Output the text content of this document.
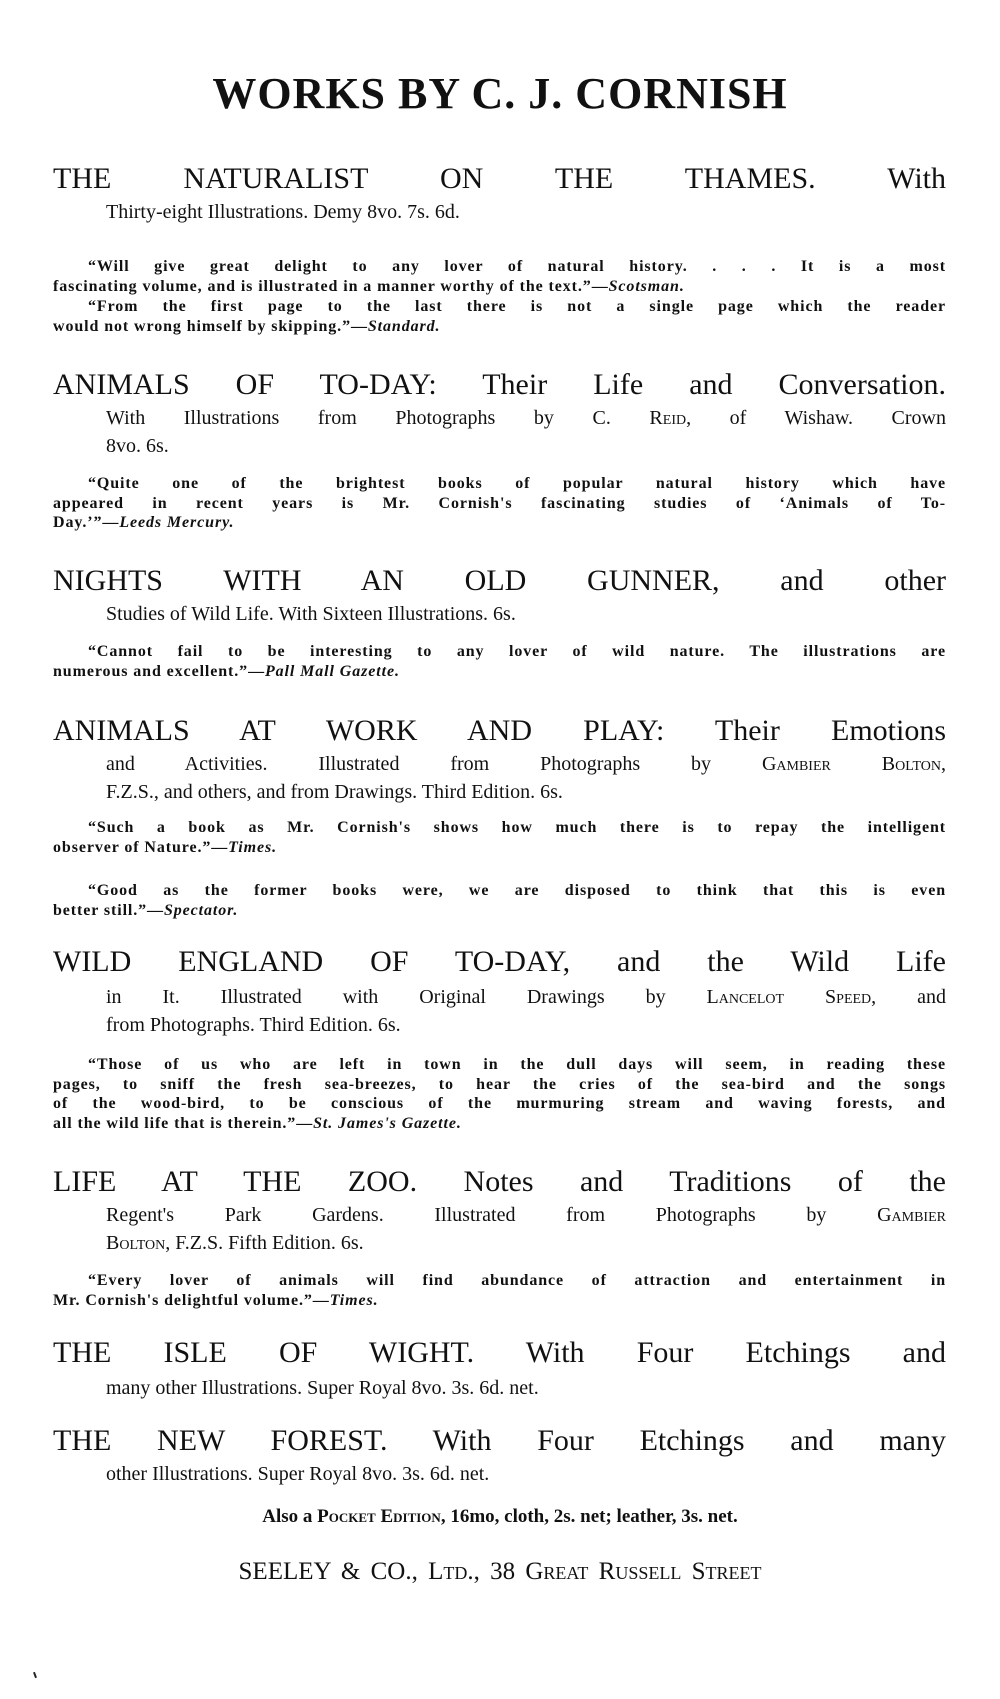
WORKS BY C. J. CORNISH
THE NATURALIST ON THE THAMES. With
Thirty-eight Illustrations. Demy 8vo. 7s. 6d.
“Will give great delight to any lover of natural history. . . . It is a most
fascinating volume, and is illustrated in a manner worthy of the text.”—Scotsman.
“From the first page to the last there is not a single page which the reader
would not wrong himself by skipping.”—Standard.
ANIMALS OF TO-DAY: Their Life and Conversation.
With Illustrations from Photographs by C. Reid, of Wishaw. Crown
8vo. 6s.
“Quite one of the brightest books of popular natural history which have
appeared in recent years is Mr. Cornish's fascinating studies of ‘Animals of To-
Day.’”—Leeds Mercury.
NIGHTS WITH AN OLD GUNNER, and other
Studies of Wild Life. With Sixteen Illustrations. 6s.
“Cannot fail to be interesting to any lover of wild nature. The illustrations are
numerous and excellent.”—Pall Mall Gazette.
ANIMALS AT WORK AND PLAY: Their Emotions
and Activities. Illustrated from Photographs by Gambier Bolton,
F.Z.S., and others, and from Drawings. Third Edition. 6s.
“Such a book as Mr. Cornish's shows how much there is to repay the intelligent
observer of Nature.”—Times.
“Good as the former books were, we are disposed to think that this is even
better still.”—Spectator.
WILD ENGLAND OF TO-DAY, and the Wild Life
in It. Illustrated with Original Drawings by Lancelot Speed, and
from Photographs. Third Edition. 6s.
“Those of us who are left in town in the dull days will seem, in reading these
pages, to sniff the fresh sea-breezes, to hear the cries of the sea-bird and the songs
of the wood-bird, to be conscious of the murmuring stream and waving forests, and
all the wild life that is therein.”—St. James's Gazette.
LIFE AT THE ZOO. Notes and Traditions of the
Regent's Park Gardens. Illustrated from Photographs by Gambier
Bolton, F.Z.S. Fifth Edition. 6s.
“Every lover of animals will find abundance of attraction and entertainment in
Mr. Cornish's delightful volume.”—Times.
THE ISLE OF WIGHT. With Four Etchings and
many other Illustrations. Super Royal 8vo. 3s. 6d. net.
THE NEW FOREST. With Four Etchings and many
other Illustrations. Super Royal 8vo. 3s. 6d. net.
Also a Pocket Edition, 16mo, cloth, 2s. net; leather, 3s. net.
SEELEY & CO., Ltd., 38 Great Russell Street
